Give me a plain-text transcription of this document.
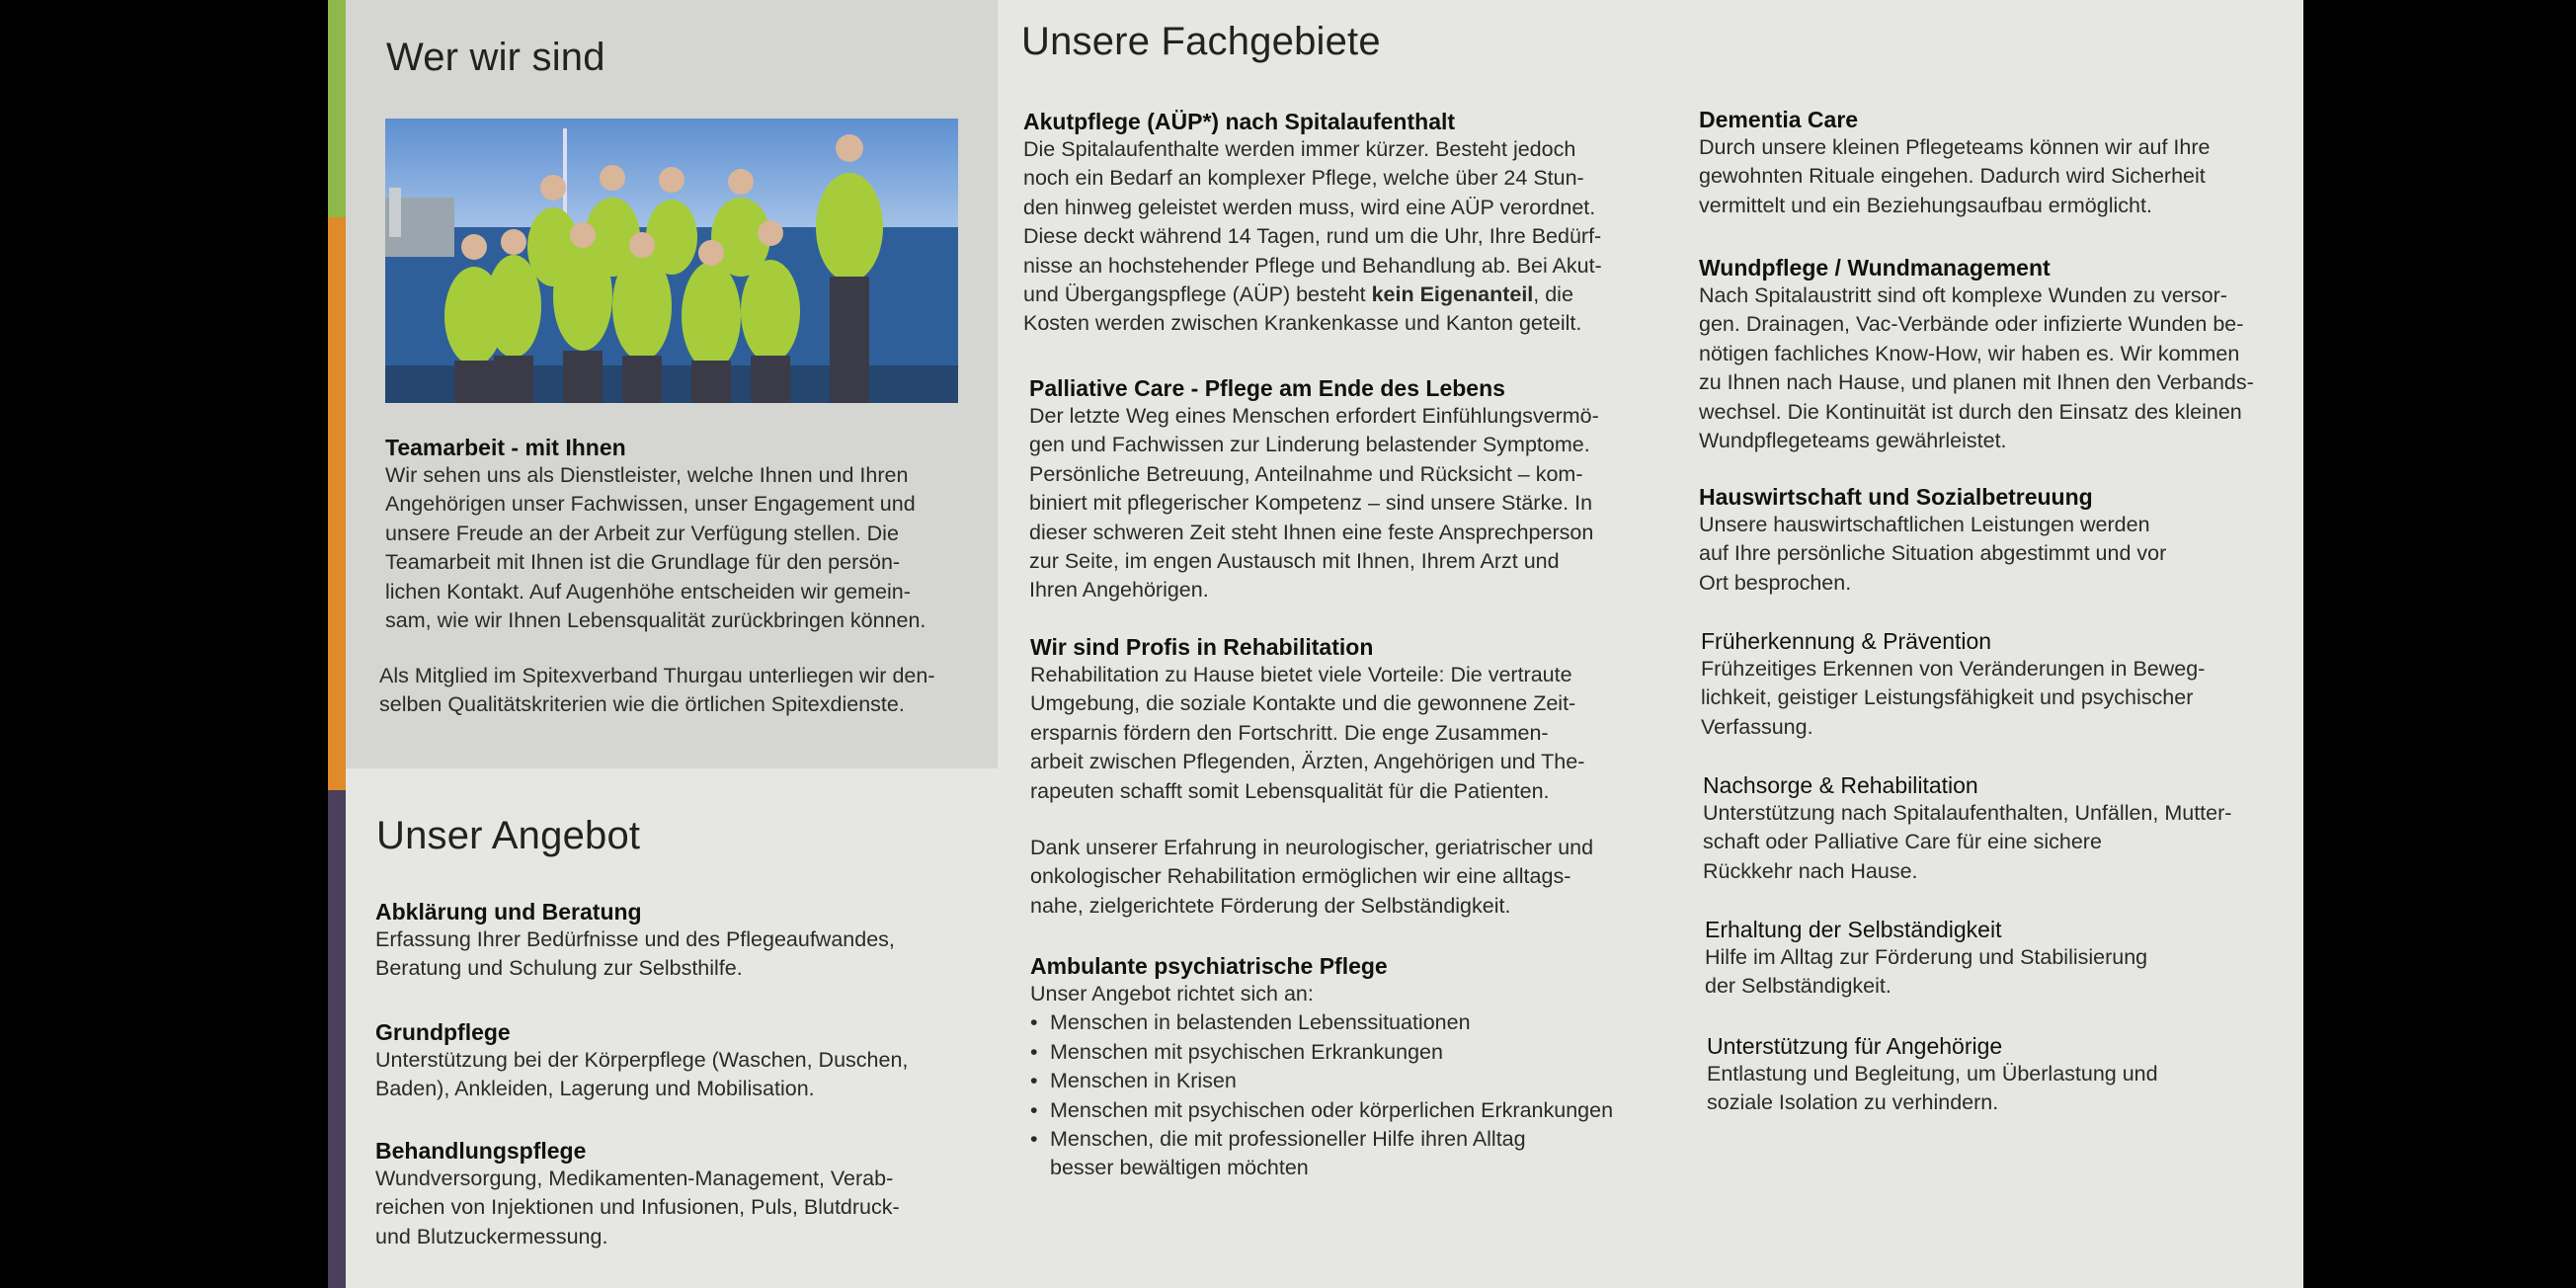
Wer wir sind

Teamarbeit - mit Ihnen

Wir sehen uns als Dienstleister, welche Ihnen und Ihren
Angehörigen unser Fachwissen, unser Engagement und
unsere Freude an der Arbeit zur Verfügung stellen. Die
Teamarbeit mit Ihnen ist die Grundlage für den persön-
lichen Kontakt. Auf Augenhöhe entscheiden wir gemein-
sam, wie wir Ihnen Lebensqualität zurückbringen können.

Als Mitglied im Spitexverband Thurgau unterliegen wir den-
selben Qualitätskriterien wie die örtlichen Spitexdienste.

Unser Angebot

Abklärung und Beratung

Erfassung Ihrer Bedürfnisse und des Pflegeaufwandes,
Beratung und Schulung zur Selbsthilfe.

Grundpflege

Unterstützung bei der Körperpflege (Waschen, Duschen,
Baden), Ankleiden, Lagerung und Mobilisation.

Behandlungspflege

Wundversorgung, Medikamenten-Management, Verab-
reichen von Injektionen und Infusionen, Puls, Blutdruck-
und Blutzuckermessung.

Unsere Fachgebiete

Akutpflege (AÜP*) nach Spitalaufenthalt

Die Spitalaufenthalte werden immer kürzer. Besteht jedoch
noch ein Bedarf an komplexer Pflege, welche über 24 Stun-
den hinweg geleistet werden muss, wird eine AÜP verordnet.
Diese deckt während 14 Tagen, rund um die Uhr, Ihre Bedürf-
nisse an hochstehender Pflege und Behandlung ab. Bei Akut-
und Übergangspflege (AÜP) besteht kein Eigenanteil, die
Kosten werden zwischen Krankenkasse und Kanton geteilt.

Palliative Care - Pflege am Ende des Lebens

Der letzte Weg eines Menschen erfordert Einfühlungsvermö-
gen und Fachwissen zur Linderung belastender Symptome.
Persönliche Betreuung, Anteilnahme und Rücksicht – kom-
biniert mit pflegerischer Kompetenz – sind unsere Stärke. In
dieser schweren Zeit steht Ihnen eine feste Ansprechperson
zur Seite, im engen Austausch mit Ihnen, Ihrem Arzt und
Ihren Angehörigen.

Wir sind Profis in Rehabilitation

Rehabilitation zu Hause bietet viele Vorteile: Die vertraute
Umgebung, die soziale Kontakte und die gewonnene Zeit-
ersparnis fördern den Fortschritt. Die enge Zusammen-
arbeit zwischen Pflegenden, Ärzten, Angehörigen und The-
rapeuten schafft somit Lebensqualität für die Patienten.

Dank unserer Erfahrung in neurologischer, geriatrischer und
onkologischer Rehabilitation ermöglichen wir eine alltags-
nahe, zielgerichtete Förderung der Selbständigkeit.

Ambulante psychiatrische Pflege

Unser Angebot richtet sich an:

• Menschen in belastenden Lebenssituationen
• Menschen mit psychischen Erkrankungen
• Menschen in Krisen
• Menschen mit psychischen oder körperlichen Erkrankungen
• Menschen, die mit professioneller Hilfe ihren Alltag
besser bewältigen möchten

Dementia Care

Durch unsere kleinen Pflegeteams können wir auf Ihre
gewohnten Rituale eingehen. Dadurch wird Sicherheit
vermittelt und ein Beziehungsaufbau ermöglicht.

Wundpflege / Wundmanagement

Nach Spitalaustritt sind oft komplexe Wunden zu versor-
gen. Drainagen, Vac-Verbände oder infizierte Wunden be-
nötigen fachliches Know-How, wir haben es. Wir kommen
zu Ihnen nach Hause, und planen mit Ihnen den Verbands-
wechsel. Die Kontinuität ist durch den Einsatz des kleinen
Wundpflegeteams gewährleistet.

Hauswirtschaft und Sozialbetreuung

Unsere hauswirtschaftlichen Leistungen werden
auf Ihre persönliche Situation abgestimmt und vor
Ort besprochen.

Früherkennung & Prävention

Frühzeitiges Erkennen von Veränderungen in Beweg-
lichkeit, geistiger Leistungsfähigkeit und psychischer
Verfassung.

Nachsorge & Rehabilitation

Unterstützung nach Spitalaufenthalten, Unfällen, Mutter-
schaft oder Palliative Care für eine sichere
Rückkehr nach Hause.

Erhaltung der Selbständigkeit

Hilfe im Alltag zur Förderung und Stabilisierung
der Selbständigkeit.

Unterstützung für Angehörige

Entlastung und Begleitung, um Überlastung und
soziale Isolation zu verhindern.
